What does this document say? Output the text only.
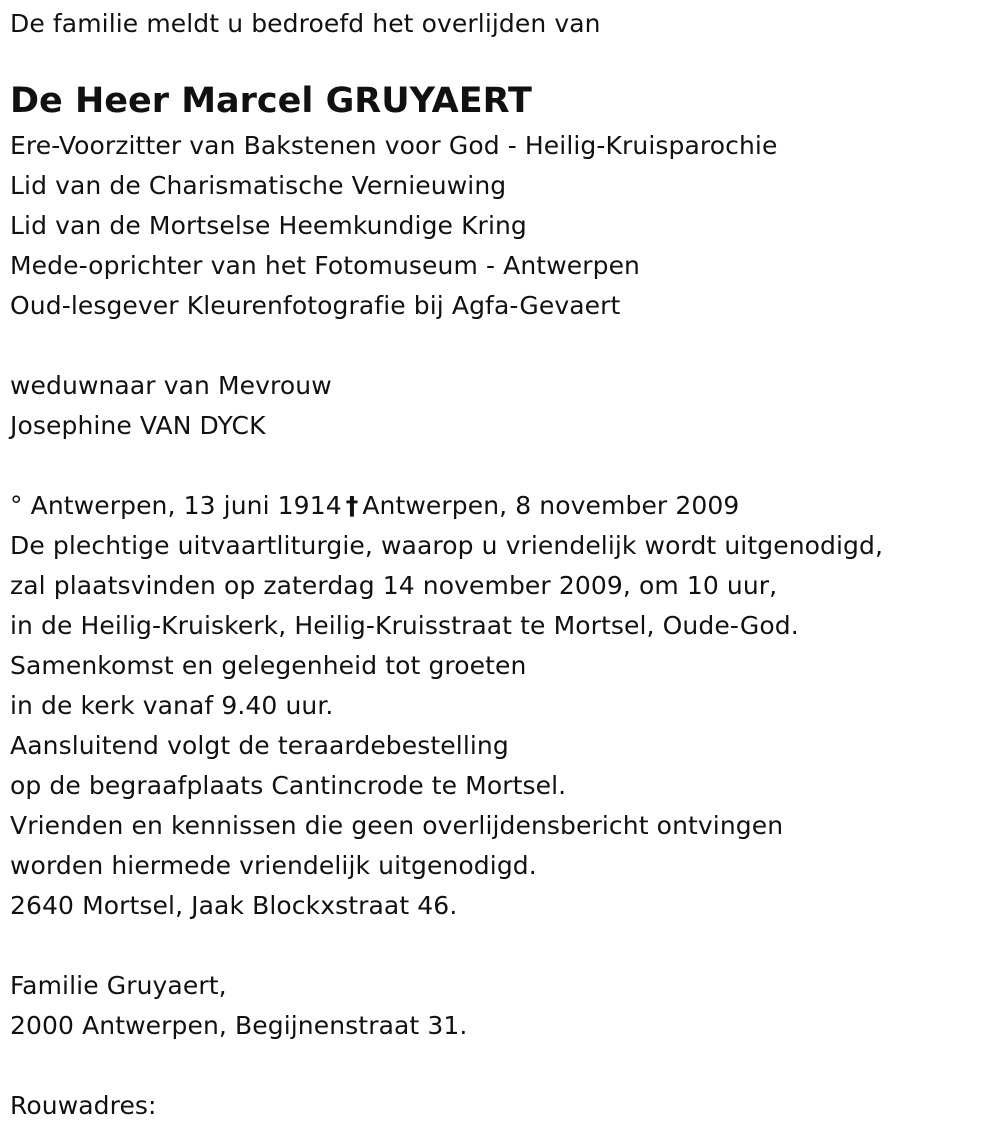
De familie meldt u bedroefd het overlijden van
De Heer Marcel GRUYAERT
Ere-Voorzitter van Bakstenen voor God - Heilig-Kruisparochie
Lid van de Charismatische Vernieuwing
Lid van de Mortselse Heemkundige Kring
Mede-oprichter van het Fotomuseum - Antwerpen
Oud-lesgever Kleurenfotografie bij Agfa-Gevaert
weduwnaar van Mevrouw
Josephine VAN DYCK
° Antwerpen, 13 juni 1914 † Antwerpen, 8 november 2009
De plechtige uitvaartliturgie, waarop u vriendelijk wordt uitgenodigd,
zal plaatsvinden op zaterdag 14 november 2009, om 10 uur,
in de Heilig-Kruiskerk, Heilig-Kruisstraat te Mortsel, Oude-God.
Samenkomst en gelegenheid tot groeten
in de kerk vanaf 9.40 uur.
Aansluitend volgt de teraardebestelling
op de begraafplaats Cantincrode te Mortsel.
Vrienden en kennissen die geen overlijdensbericht ontvingen
worden hiermede vriendelijk uitgenodigd.
2640 Mortsel, Jaak Blockxstraat 46.
Familie Gruyaert,
2000 Antwerpen, Begijnenstraat 31.
Rouwadres:
